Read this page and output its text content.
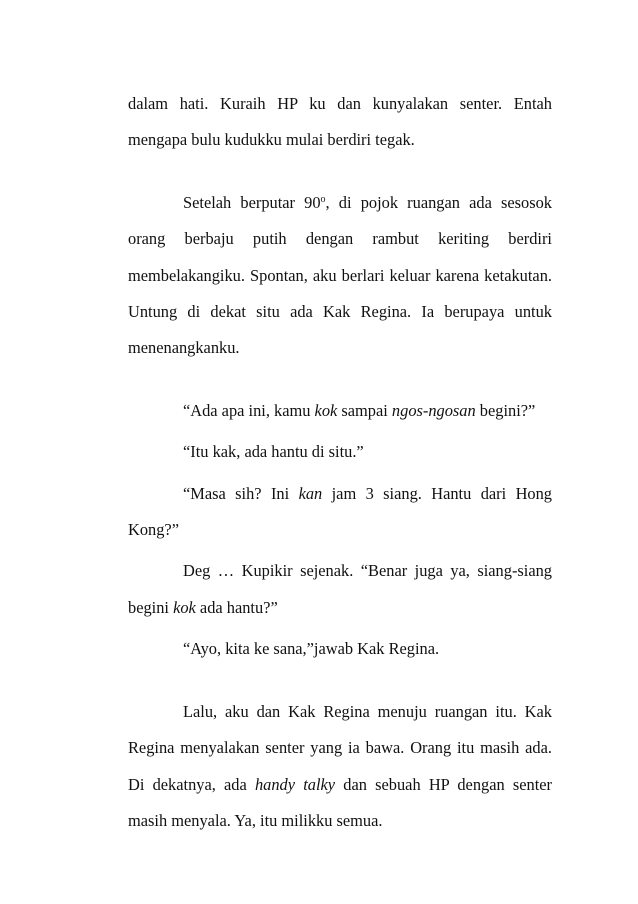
dalam hati. Kuraih HP ku dan kunyalakan senter. Entah mengapa bulu kudukku mulai berdiri tegak.

Setelah berputar 90$^o$, di pojok ruangan ada sesosok orang berbaju putih dengan rambut keriting berdiri membelakangiku. Spontan, aku berlari keluar karena ketakutan. Untung di dekat situ ada Kak Regina. Ia berupaya untuk menenangkanku.

“Ada apa ini, kamu kok sampai ngos-ngosan begini?”

“Itu kak, ada hantu di situ.”

“Masa sih? Ini kan jam 3 siang. Hantu dari Hong Kong?”

Deg … Kupikir sejenak. “Benar juga ya, siang-siang begini kok ada hantu?”

“Ayo, kita ke sana,”jawab Kak Regina.

Lalu, aku dan Kak Regina menuju ruangan itu. Kak Regina menyalakan senter yang ia bawa. Orang itu masih ada. Di dekatnya, ada handy talky dan sebuah HP dengan senter masih menyala. Ya, itu milikku semua.
